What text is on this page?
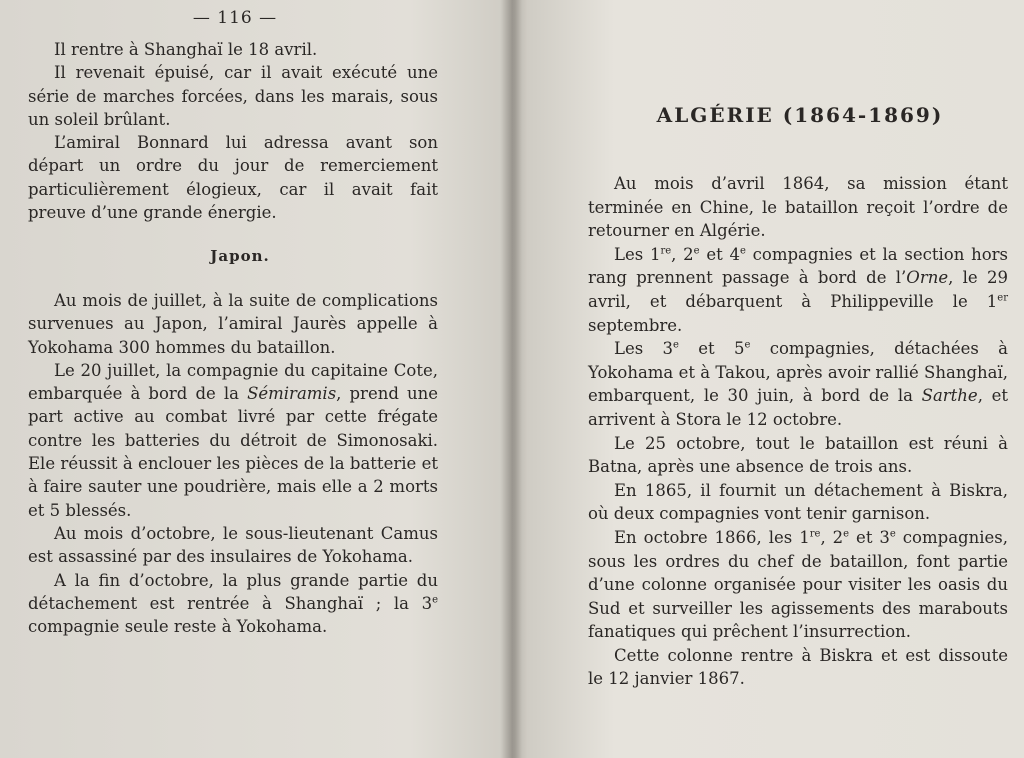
— 116 —

Il rentre à Shanghaï le 18 avril.

Il revenait épuisé, car il avait exécuté une série de marches forcées, dans les marais, sous un soleil brûlant.

L’amiral Bonnard lui adressa avant son départ un ordre du jour de remerciement particulièrement élogieux, car il avait fait preuve d’une grande énergie.

Japon.

Au mois de juillet, à la suite de complications survenues au Japon, l’amiral Jaurès appelle à Yokohama 300 hommes du bataillon.

Le 20 juillet, la compagnie du capitaine Cote, embarquée à bord de la Sémiramis, prend une part active au combat livré par cette frégate contre les batteries du détroit de Simonosaki. Ele réussit à enclouer les pièces de la batterie et à faire sauter une poudrière, mais elle a 2 morts et 5 blessés.

Au mois d’octobre, le sous-lieutenant Camus est assassiné par des insulaires de Yokohama.

A la fin d’octobre, la plus grande partie du détachement est rentrée à Shanghaï ; la 3e compagnie seule reste à Yokohama.

ALGÉRIE (1864-1869)

Au mois d’avril 1864, sa mission étant terminée en Chine, le bataillon reçoit l’ordre de retourner en Algérie.

Les 1re, 2e et 4e compagnies et la section hors rang prennent passage à bord de l’Orne, le 29 avril, et débarquent à Philippeville le 1er septembre.

Les 3e et 5e compagnies, détachées à Yokohama et à Takou, après avoir rallié Shanghaï, embarquent, le 30 juin, à bord de la Sarthe, et arrivent à Stora le 12 octobre.

Le 25 octobre, tout le bataillon est réuni à Batna, après une absence de trois ans.

En 1865, il fournit un détachement à Biskra, où deux compagnies vont tenir garnison.

En octobre 1866, les 1re, 2e et 3e compagnies, sous les ordres du chef de bataillon, font partie d’une colonne organisée pour visiter les oasis du Sud et surveiller les agissements des marabouts fanatiques qui prêchent l’insurrection.

Cette colonne rentre à Biskra et est dissoute le 12 janvier 1867.
